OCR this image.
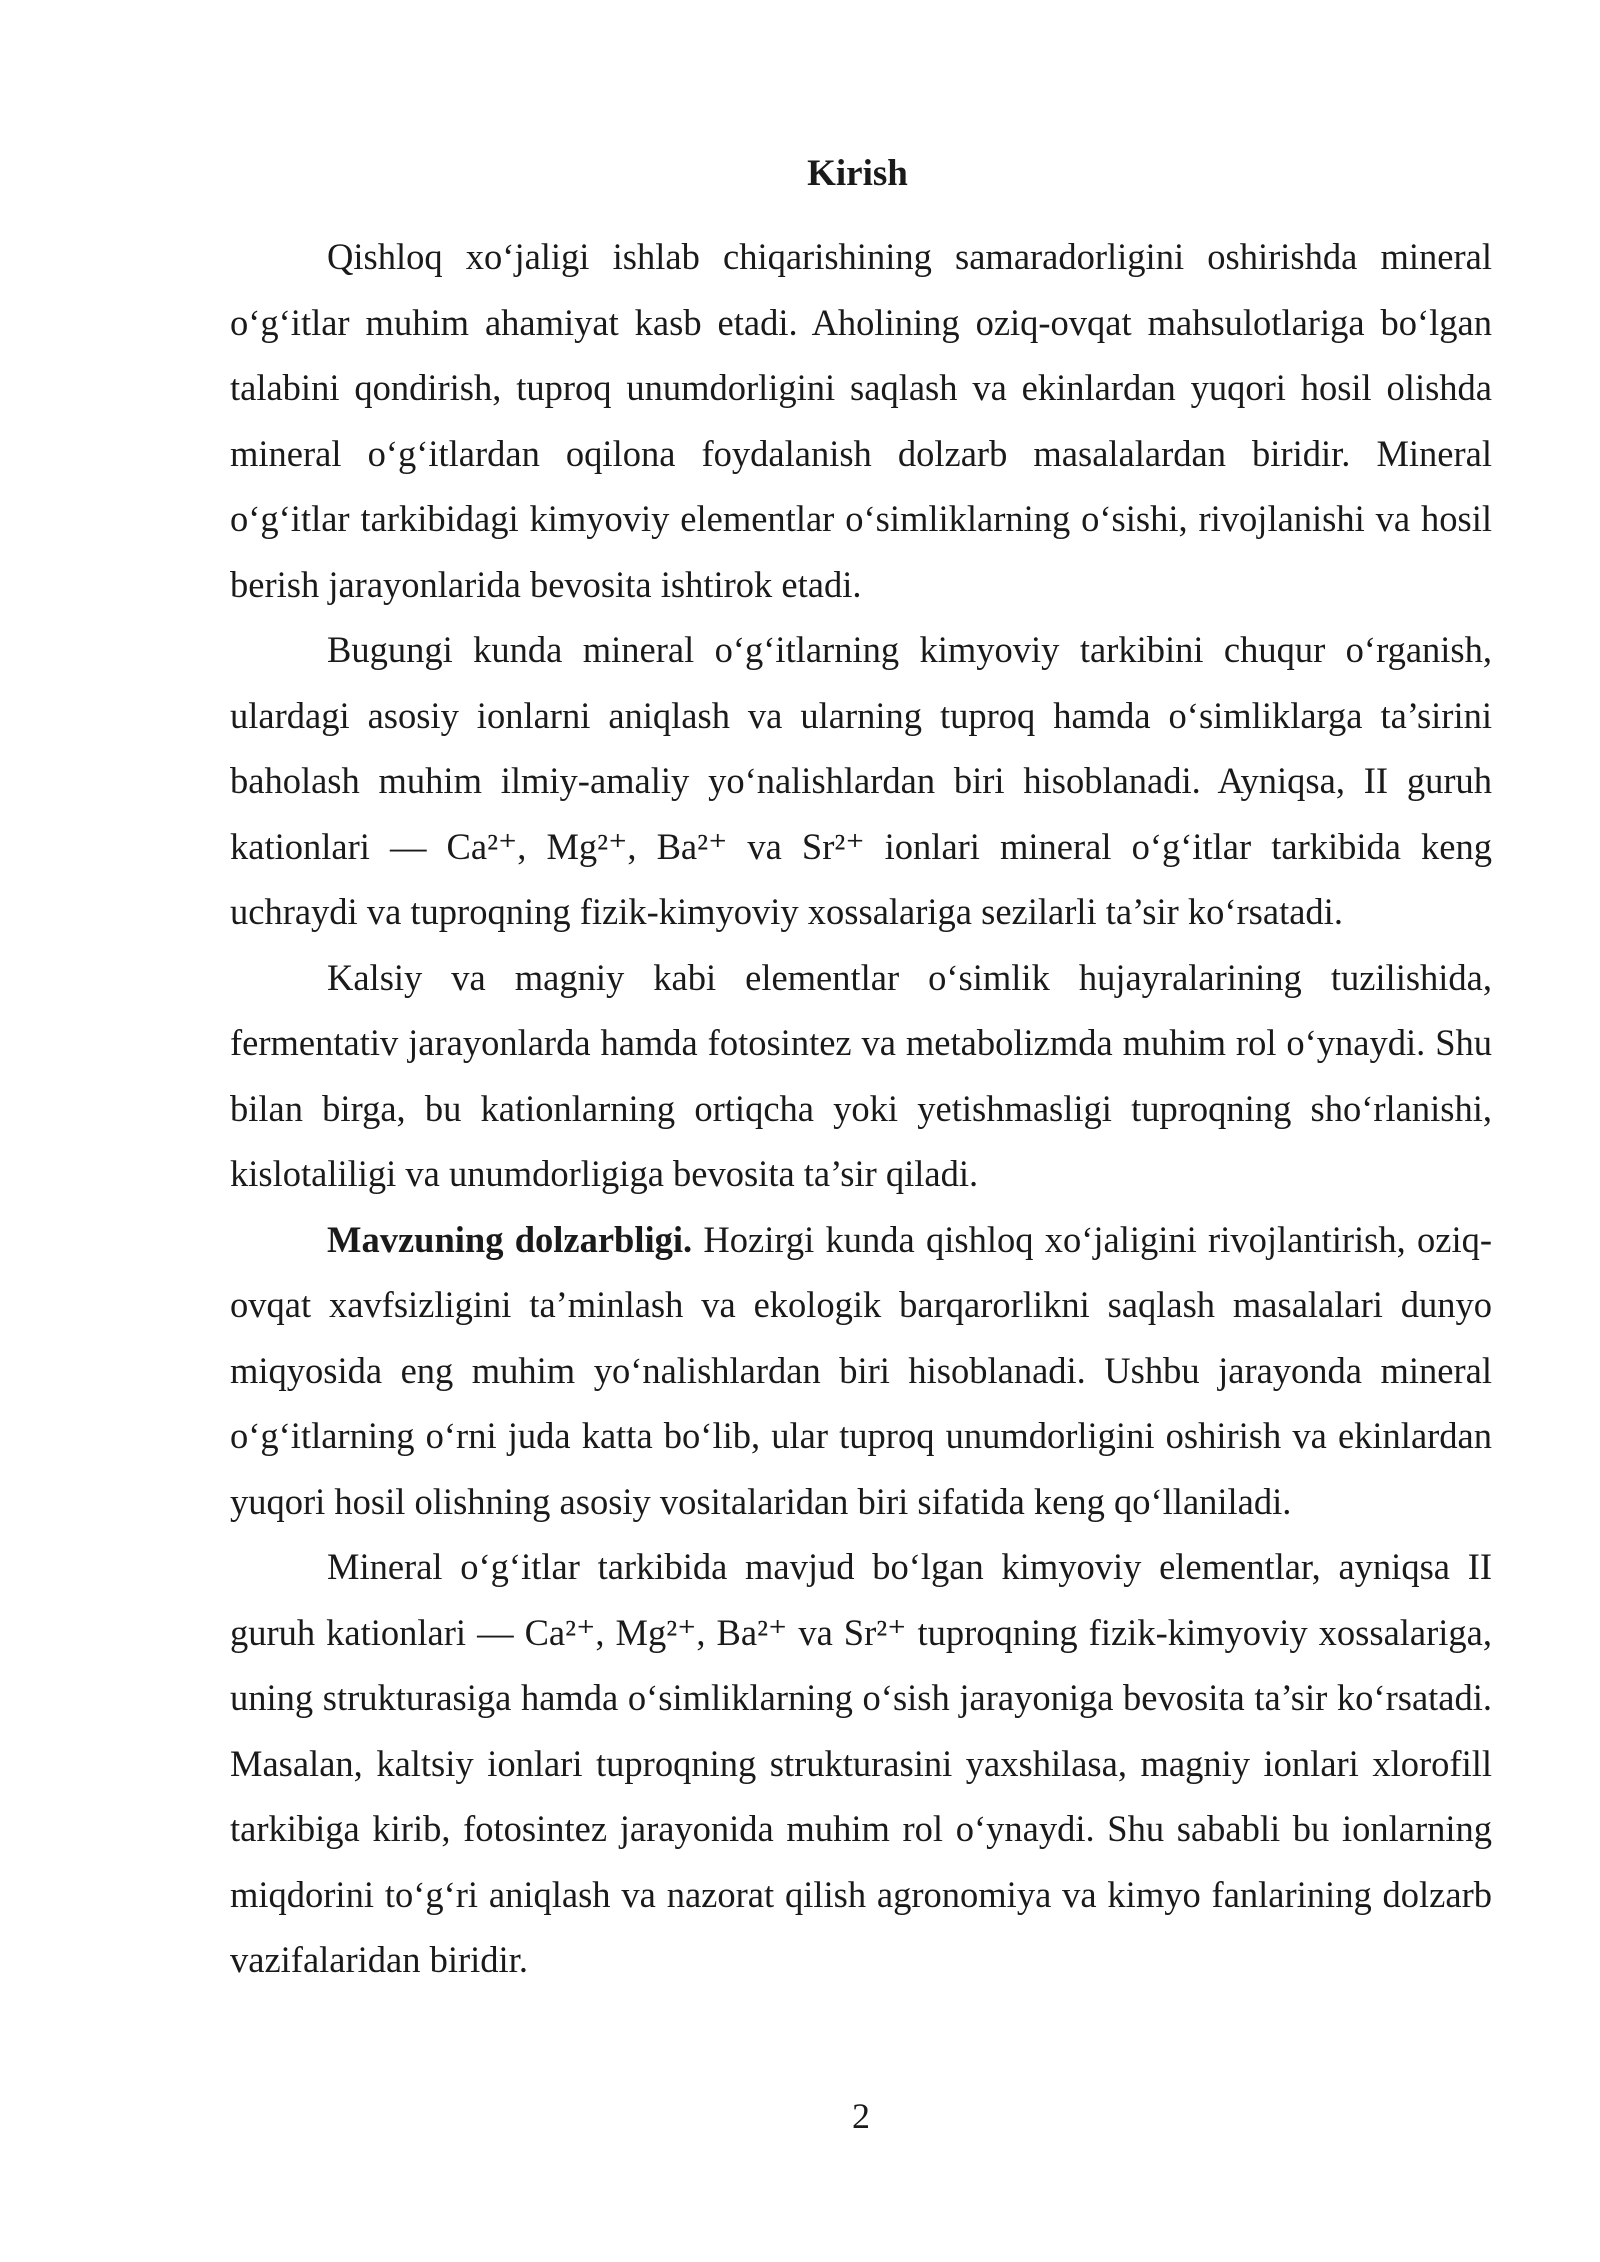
Kirish

Qishloq xo‘jaligi ishlab chiqarishining samaradorligini oshirishda mineral o‘g‘itlar muhim ahamiyat kasb etadi. Aholining oziq-ovqat mahsulotlariga bo‘lgan talabini qondirish, tuproq unumdorligini saqlash va ekinlardan yuqori hosil olishda mineral o‘g‘itlardan oqilona foydalanish dolzarb masalalardan biridir. Mineral o‘g‘itlar tarkibidagi kimyoviy elementlar o‘simliklarning o‘sishi, rivojlanishi va hosil berish jarayonlarida bevosita ishtirok etadi.

Bugungi kunda mineral o‘g‘itlarning kimyoviy tarkibini chuqur o‘rganish, ulardagi asosiy ionlarni aniqlash va ularning tuproq hamda o‘simliklarga ta’sirini baholash muhim ilmiy-amaliy yo‘nalishlardan biri hisoblanadi. Ayniqsa, II guruh kationlari — Ca²⁺, Mg²⁺, Ba²⁺ va Sr²⁺ ionlari mineral o‘g‘itlar tarkibida keng uchraydi va tuproqning fizik-kimyoviy xossalariga sezilarli ta’sir ko‘rsatadi.

Kalsiy va magniy kabi elementlar o‘simlik hujayralarining tuzilishida, fermentativ jarayonlarda hamda fotosintez va metabolizmda muhim rol o‘ynaydi. Shu bilan birga, bu kationlarning ortiqcha yoki yetishmasligi tuproqning sho‘rlanishi, kislotaliligi va unumdorligiga bevosita ta’sir qiladi.

Mavzuning dolzarbligi. Hozirgi kunda qishloq xo‘jaligini rivojlantirish, oziq-ovqat xavfsizligini ta’minlash va ekologik barqarorlikni saqlash masalalari dunyo miqyosida eng muhim yo‘nalishlardan biri hisoblanadi. Ushbu jarayonda mineral o‘g‘itlarning o‘rni juda katta bo‘lib, ular tuproq unumdorligini oshirish va ekinlardan yuqori hosil olishning asosiy vositalaridan biri sifatida keng qo‘llaniladi.

Mineral o‘g‘itlar tarkibida mavjud bo‘lgan kimyoviy elementlar, ayniqsa II guruh kationlari — Ca²⁺, Mg²⁺, Ba²⁺ va Sr²⁺ tuproqning fizik-kimyoviy xossalariga, uning strukturasiga hamda o‘simliklarning o‘sish jarayoniga bevosita ta’sir ko‘rsatadi. Masalan, kaltsiy ionlari tuproqning strukturasini yaxshilasa, magniy ionlari xlorofill tarkibiga kirib, fotosintez jarayonida muhim rol o‘ynaydi. Shu sababli bu ionlarning miqdorini to‘g‘ri aniqlash va nazorat qilish agronomiya va kimyo fanlarining dolzarb vazifalaridan biridir.

2
